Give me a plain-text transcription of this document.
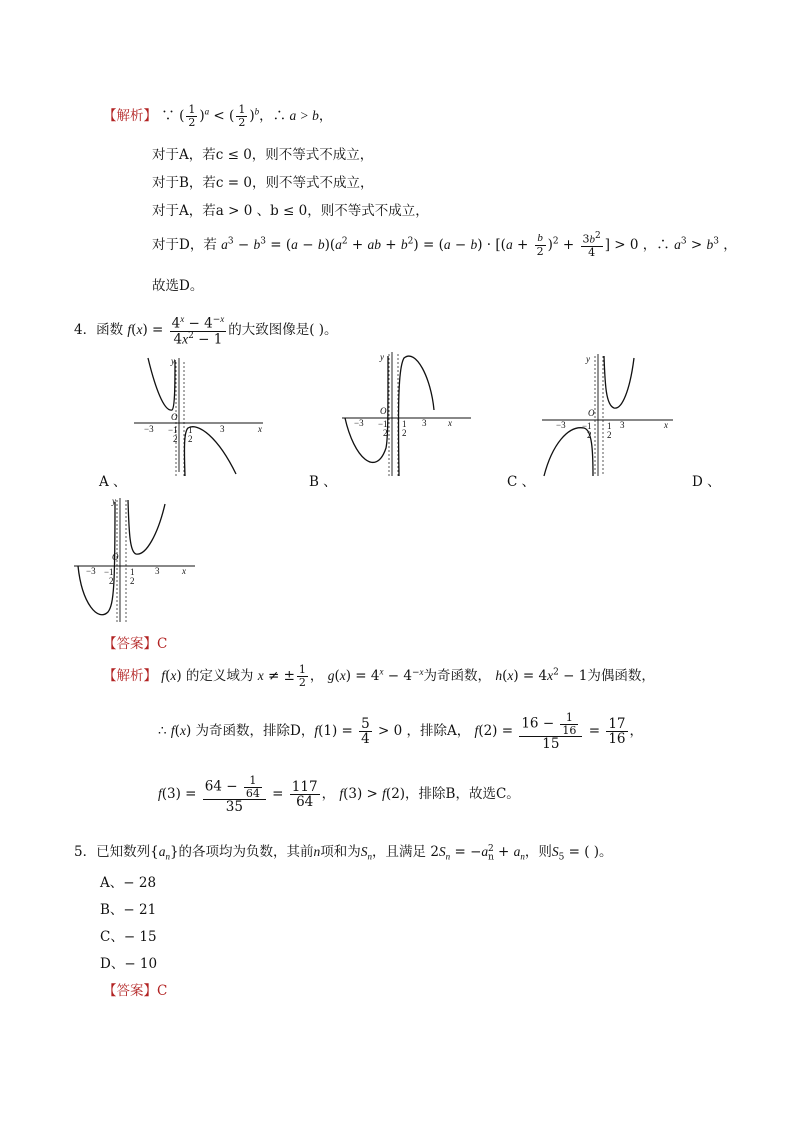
【解析】 ∵ ( $\frac{1}{2} )^a$ < ( $\frac{1}{2} )^b$，∴ a > b，
对于A，若c ≤ 0，则不等式不成立，
对于B，若c = 0，则不等式不成立，
对于A，若a > 0 、b ≤ 0，则不等式不成立，
对于D，若 $a^3 - b^3 = (a - b)(a^2$ + ab + $b^2) = (a - b) \cdot [(a + \frac{b}{2} )^2 + \frac{3b^2}{4}$ ] > 0 ，∴ $a^3 > b^3$ ，
故选D。
4．函数 $f(x) = \frac{4^x - 4^{-x}}{4x^2 - 1}$ 的大致图像是( )。
x
y
O
−3	3
− 1
2
1
2
x
y
O
−3	3
− 1
2
1
2
x
y
O
−3	3
− 1
2
1
2
x
y
O
−3	3
− 1
2
1
2
A 、	B 、	C 、	D 、
【答案】C
【解析】 f(x) 的定义域为 x ≠ ± $\frac{1}{2}$ ， $g(x) = 4^x - 4^{-x}$为奇函数， $h(x) = 4x^2 - 1$为偶函数，
∴ f(x) 为奇函数，排除D，$f(1) = \frac{5}{4} > 0$ ，排除A， $f(2) = \frac{16 - \frac{1}{16}}{15} = \frac{17}{16}$ ，
$f(3) = \frac{64 - \frac{1}{64}}{35} = \frac{117}{64}$ ， f(3) > f(2)，排除B，故选C。
5．已知数列$\{a_n\}$的各项均为负数，其前n项和为$S_n$，且满足 $2S_n = -a_n^2 + a_n$，则$S_5$ = ( )。
A、− 28
B、− 21
C、− 15
D、− 10
【答案】C
